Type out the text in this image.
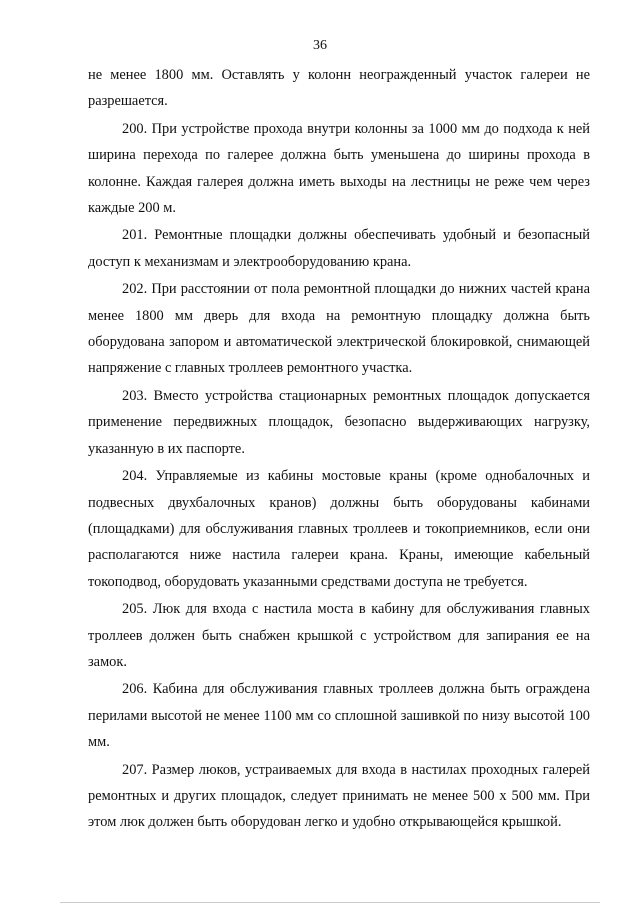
36

не менее 1800 мм. Оставлять у колонн неогражденный участок галереи не разрешается.

200. При устройстве прохода внутри колонны за 1000 мм до подхода к ней ширина перехода по галерее должна быть уменьшена до ширины прохода в колонне. Каждая галерея должна иметь выходы на лестницы не реже чем через каждые 200 м.

201. Ремонтные площадки должны обеспечивать удобный и безопасный доступ к механизмам и электрооборудованию крана.

202. При расстоянии от пола ремонтной площадки до нижних частей крана менее 1800 мм дверь для входа на ремонтную площадку должна быть оборудована запором и автоматической электрической блокировкой, снимающей напряжение с главных троллеев ремонтного участка.

203. Вместо устройства стационарных ремонтных площадок допускается применение передвижных площадок, безопасно выдерживающих нагрузку, указанную в их паспорте.

204. Управляемые из кабины мостовые краны (кроме однобалочных и подвесных двухбалочных кранов) должны быть оборудованы кабинами (площадками) для обслуживания главных троллеев и токоприемников, если они располагаются ниже настила галереи крана. Краны, имеющие кабельный токоподвод, оборудовать указанными средствами доступа не требуется.

205. Люк для входа с настила моста в кабину для обслуживания главных троллеев должен быть снабжен крышкой с устройством для запирания ее на замок.

206. Кабина для обслуживания главных троллеев должна быть ограждена перилами высотой не менее 1100 мм со сплошной зашивкой по низу высотой 100 мм.

207. Размер люков, устраиваемых для входа в настилах проходных галерей ремонтных и других площадок, следует принимать не менее 500 х 500 мм. При этом люк должен быть оборудован легко и удобно открывающейся крышкой.
